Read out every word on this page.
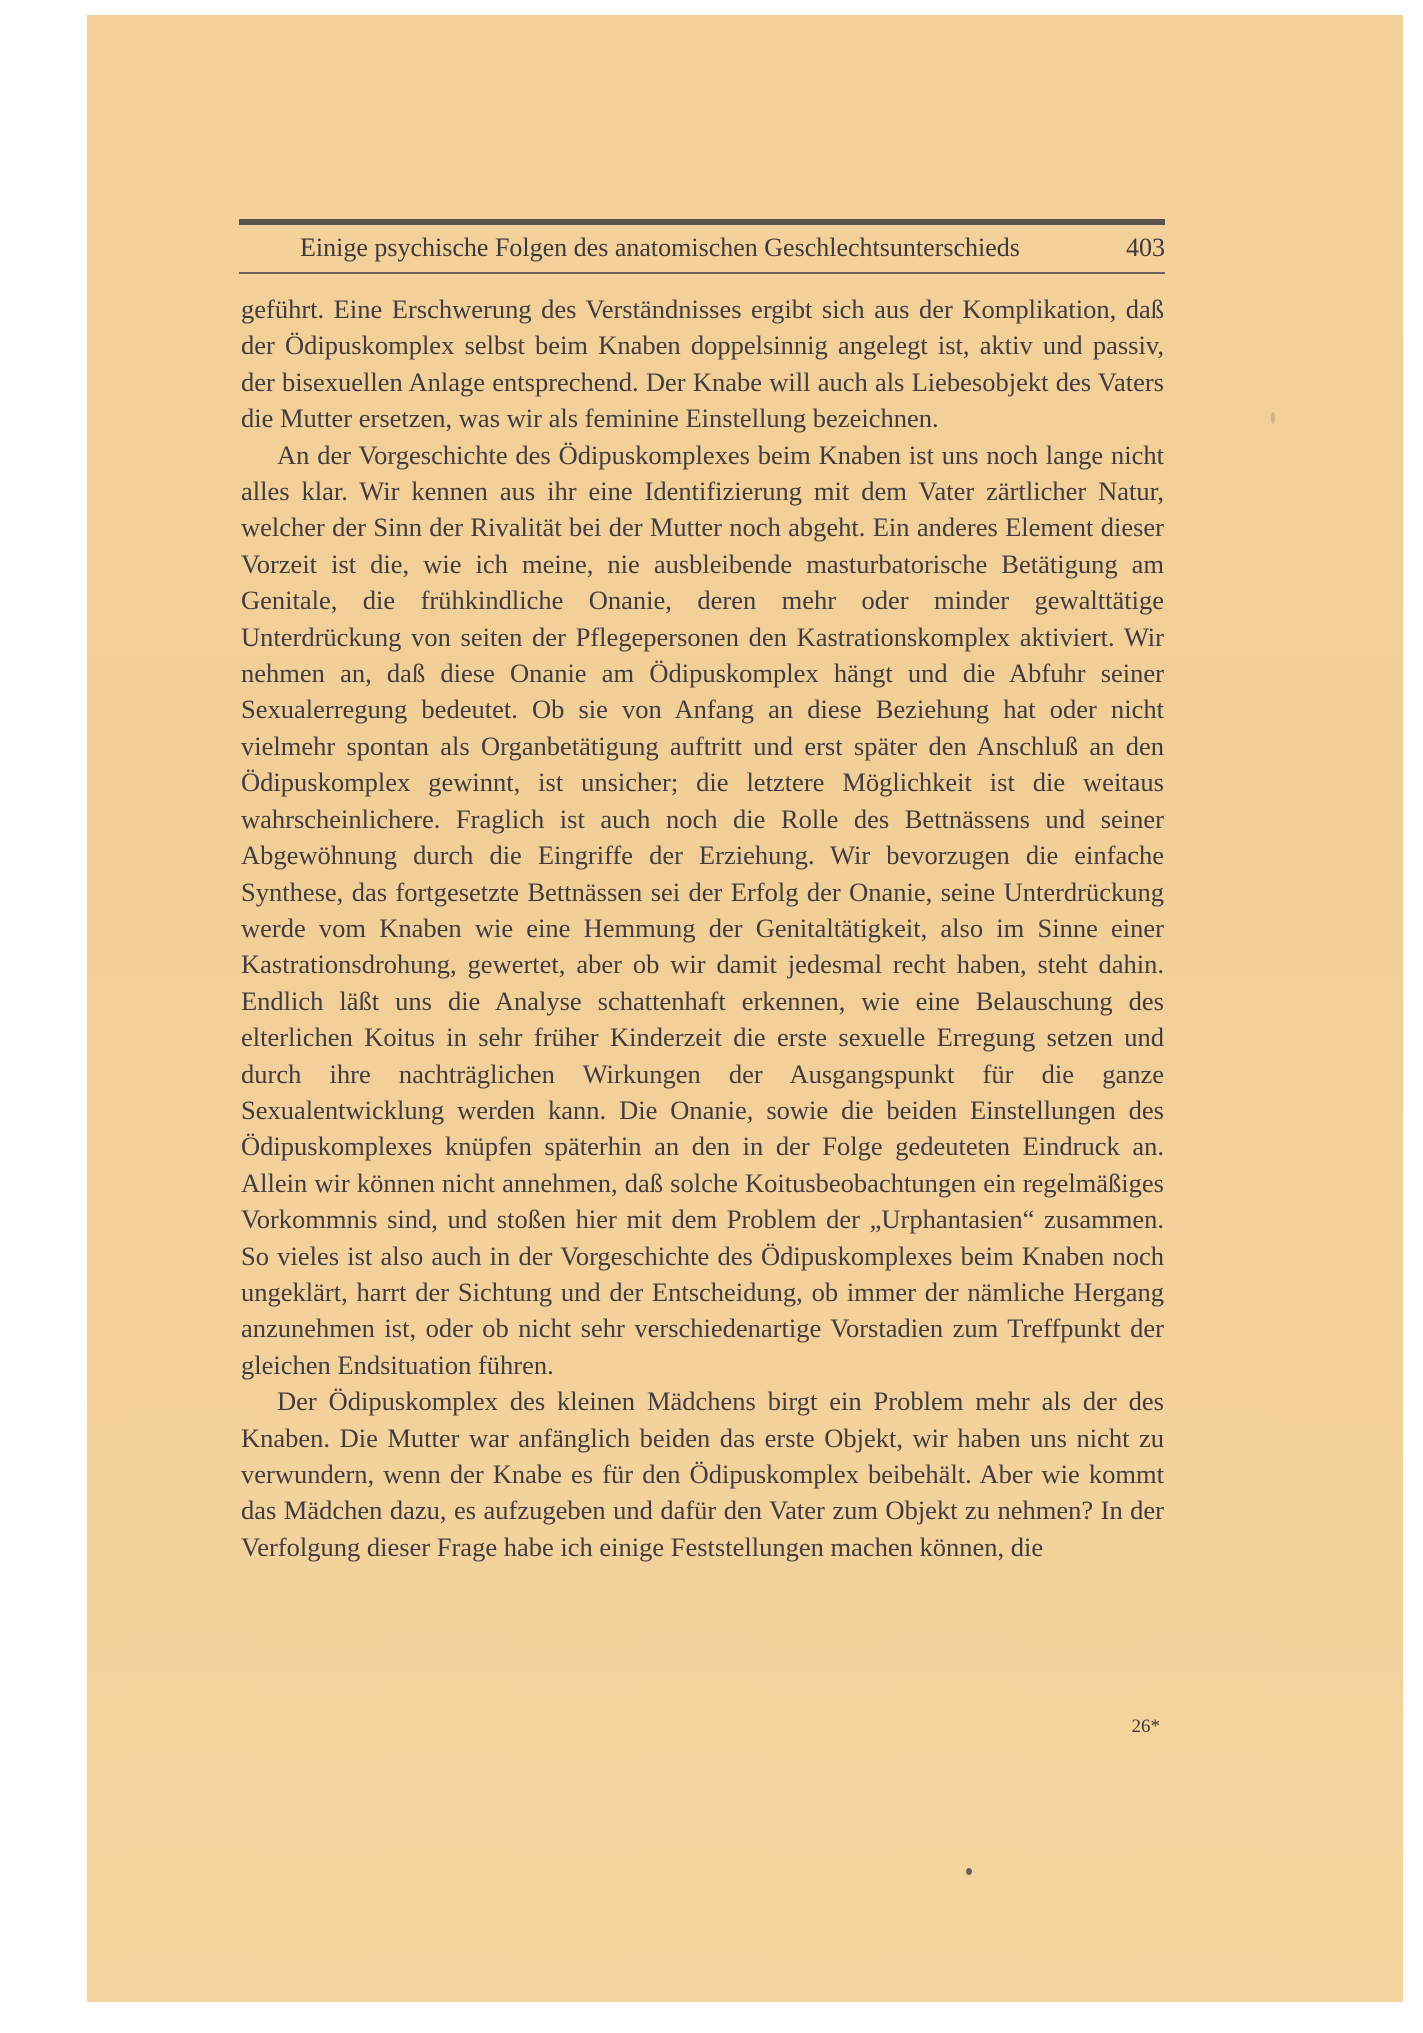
Einige psychische Folgen des anatomischen Geschlechtsunterschieds	403

geführt. Eine Erschwerung des Verständnisses ergibt sich aus der Komplikation, daß der Ödipuskomplex selbst beim Knaben doppelsinnig angelegt ist, aktiv und passiv, der bisexuellen Anlage entsprechend. Der Knabe will auch als Liebesobjekt des Vaters die Mutter ersetzen, was wir als feminine Einstellung bezeichnen.

An der Vorgeschichte des Ödipuskomplexes beim Knaben ist uns noch lange nicht alles klar. Wir kennen aus ihr eine Identifizierung mit dem Vater zärtlicher Natur, welcher der Sinn der Rivalität bei der Mutter noch abgeht. Ein anderes Element dieser Vorzeit ist die, wie ich meine, nie ausbleibende masturbatorische Betätigung am Genitale, die frühkindliche Onanie, deren mehr oder minder gewalttätige Unterdrückung von seiten der Pflegepersonen den Kastrationskomplex aktiviert. Wir nehmen an, daß diese Onanie am Ödipuskomplex hängt und die Abfuhr seiner Sexualerregung bedeutet. Ob sie von Anfang an diese Beziehung hat oder nicht vielmehr spontan als Organbetätigung auftritt und erst später den Anschluß an den Ödipuskomplex gewinnt, ist unsicher; die letztere Möglichkeit ist die weitaus wahrscheinlichere. Fraglich ist auch noch die Rolle des Bettnässens und seiner Abgewöhnung durch die Eingriffe der Erziehung. Wir bevorzugen die einfache Synthese, das fortgesetzte Bettnässen sei der Erfolg der Onanie, seine Unterdrückung werde vom Knaben wie eine Hemmung der Genitaltätigkeit, also im Sinne einer Kastrationsdrohung, gewertet, aber ob wir damit jedesmal recht haben, steht dahin. Endlich läßt uns die Analyse schattenhaft erkennen, wie eine Belauschung des elterlichen Koitus in sehr früher Kinderzeit die erste sexuelle Erregung setzen und durch ihre nachträglichen Wirkungen der Ausgangspunkt für die ganze Sexualentwicklung werden kann. Die Onanie, sowie die beiden Einstellungen des Ödipuskomplexes knüpfen späterhin an den in der Folge gedeuteten Eindruck an. Allein wir können nicht annehmen, daß solche Koitusbeobachtungen ein regelmäßiges Vorkommnis sind, und stoßen hier mit dem Problem der „Urphantasien“ zusammen. So vieles ist also auch in der Vorgeschichte des Ödipuskomplexes beim Knaben noch ungeklärt, harrt der Sichtung und der Entscheidung, ob immer der nämliche Hergang anzunehmen ist, oder ob nicht sehr verschiedenartige Vorstadien zum Treffpunkt der gleichen Endsituation führen.

Der Ödipuskomplex des kleinen Mädchens birgt ein Problem mehr als der des Knaben. Die Mutter war anfänglich beiden das erste Objekt, wir haben uns nicht zu verwundern, wenn der Knabe es für den Ödipuskomplex beibehält. Aber wie kommt das Mädchen dazu, es aufzugeben und dafür den Vater zum Objekt zu nehmen? In der Verfolgung dieser Frage habe ich einige Feststellungen machen können, die

26*
